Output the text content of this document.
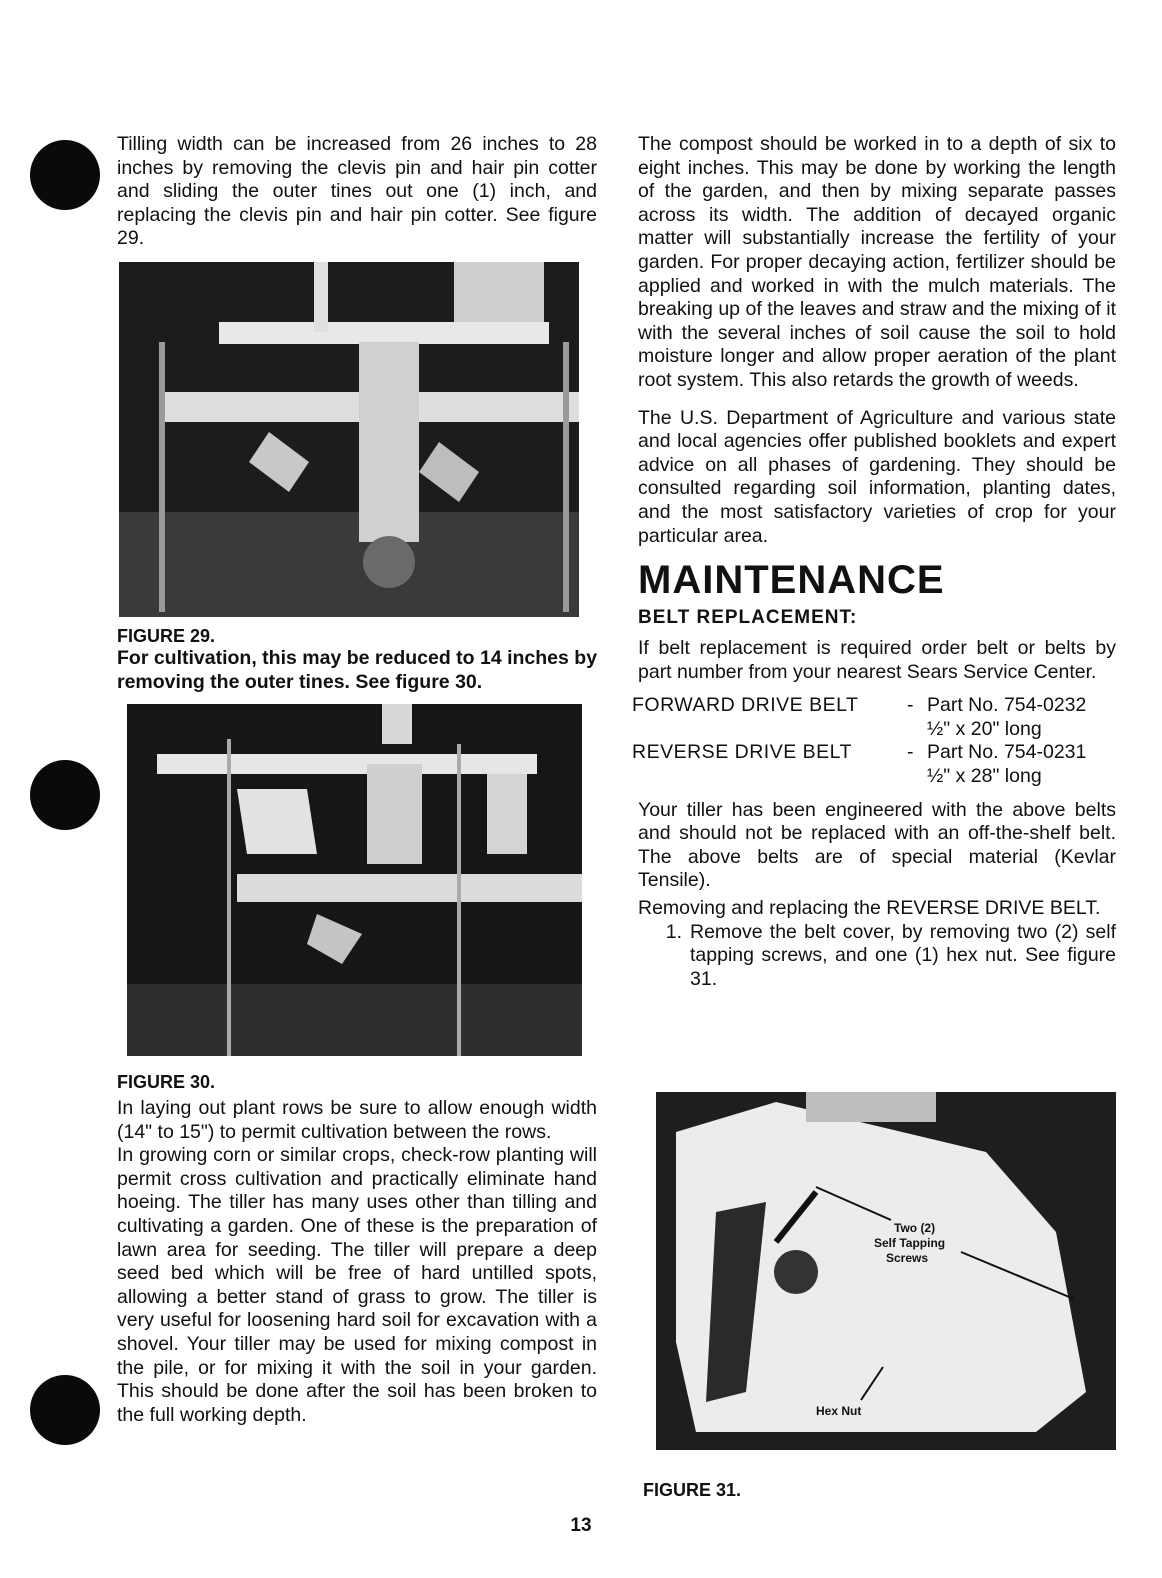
Tilling width can be increased from 26 inches to 28 inches by removing the clevis pin and hair pin cotter and sliding the outer tines out one (1) inch, and replacing the clevis pin and hair pin cotter. See figure 29.

FIGURE 29.

For cultivation, this may be reduced to 14 inches by removing the outer tines. See figure 30.

FIGURE 30.

In laying out plant rows be sure to allow enough width (14" to 15") to permit cultivation between the rows.

In growing corn or similar crops, check-row planting will permit cross cultivation and practically eliminate hand hoeing. The tiller has many uses other than tilling and cultivating a garden. One of these is the preparation of lawn area for seeding. The tiller will prepare a deep seed bed which will be free of hard untilled spots, allowing a better stand of grass to grow. The tiller is very useful for loosening hard soil for excavation with a shovel. Your tiller may be used for mixing compost in the pile, or for mixing it with the soil in your garden. This should be done after the soil has been broken to the full working depth.

The compost should be worked in to a depth of six to eight inches. This may be done by working the length of the garden, and then by mixing separate passes across its width. The addition of decayed organic matter will substantially increase the fertility of your garden. For proper decaying action, fertilizer should be applied and worked in with the mulch materials. The breaking up of the leaves and straw and the mixing of it with the several inches of soil cause the soil to hold moisture longer and allow proper aeration of the plant root system. This also retards the growth of weeds.

The U.S. Department of Agriculture and various state and local agencies offer published booklets and expert advice on all phases of gardening. They should be consulted regarding soil information, planting dates, and the most satisfactory varieties of crop for your particular area.

MAINTENANCE

BELT REPLACEMENT:

If belt replacement is required order belt or belts by part number from your nearest Sears Service Center.

FORWARD DRIVE BELT	- Part No. 754-0232
½" x 20" long
REVERSE DRIVE BELT	- Part No. 754-0231
½" x 28" long

Your tiller has been engineered with the above belts and should not be replaced with an off-the-shelf belt. The above belts are of special material (Kevlar Tensile).

Removing and replacing the REVERSE DRIVE BELT.

1. Remove the belt cover, by removing two (2) self tapping screws, and one (1) hex nut. See figure 31.
Two (2)
Self Tapping
Screws
Hex Nut

FIGURE 31.

13
